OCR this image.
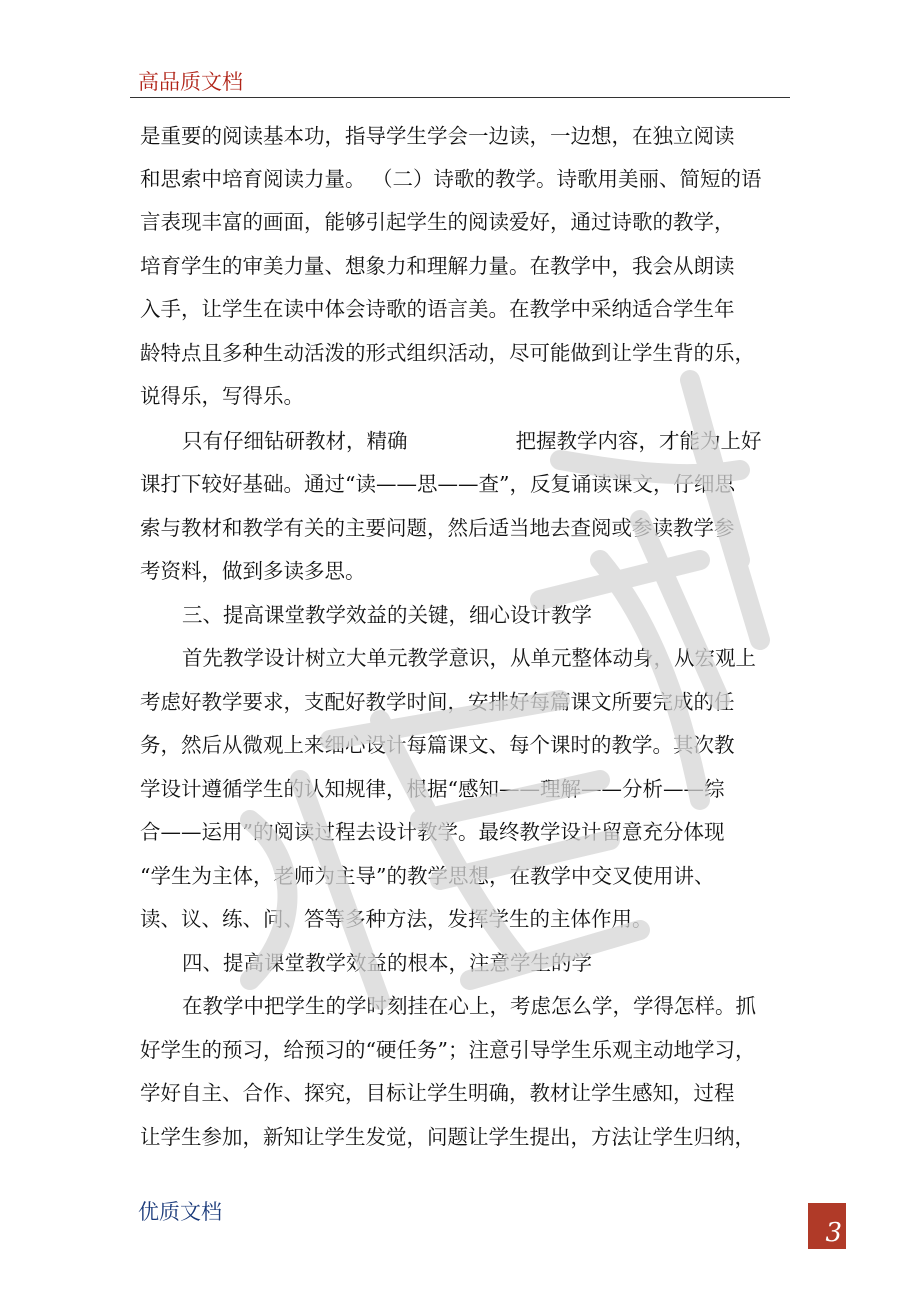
高品质文档
是重要的阅读基本功，指导学生学会一边读，一边想，在独立阅读
和思索中培育阅读力量。 （二）诗歌的教学。诗歌用美丽、简短的语
言表现丰富的画面，能够引起学生的阅读爱好，通过诗歌的教学，
培育学生的审美力量、想象力和理解力量。在教学中，我会从朗读
入手，让学生在读中体会诗歌的语言美。在教学中采纳适合学生年
龄特点且多种生动活泼的形式组织活动，尽可能做到让学生背的乐，
说得乐，写得乐。
只有仔细钻研教材，精确	把握教学内容，才能为上好
课打下较好基础。通过“读——思——查”，反复诵读课文，仔细思
索与教材和教学有关的主要问题，然后适当地去查阅或参读教学参
考资料，做到多读多思。
三、提高课堂教学效益的关键，细心设计教学
首先教学设计树立大单元教学意识，从单元整体动身，从宏观上
考虑好教学要求，支配好教学时间，安排好每篇课文所要完成的任
务，然后从微观上来细心设计每篇课文、每个课时的教学。其次教
学设计遵循学生的认知规律，根据“感知——理解——分析——综
合——运用”的阅读过程去设计教学。最终教学设计留意充分体现
“学生为主体，老师为主导”的教学思想，在教学中交叉使用讲、
读、议、练、问、答等多种方法，发挥学生的主体作用。
四、提高课堂教学效益的根本，注意学生的学
在教学中把学生的学时刻挂在心上，考虑怎么学，学得怎样。抓
好学生的预习，给预习的“硬任务”；注意引导学生乐观主动地学习，
学好自主、合作、探究，目标让学生明确，教材让学生感知，过程
让学生参加，新知让学生发觉，问题让学生提出，方法让学生归纳，
优质文档
3
